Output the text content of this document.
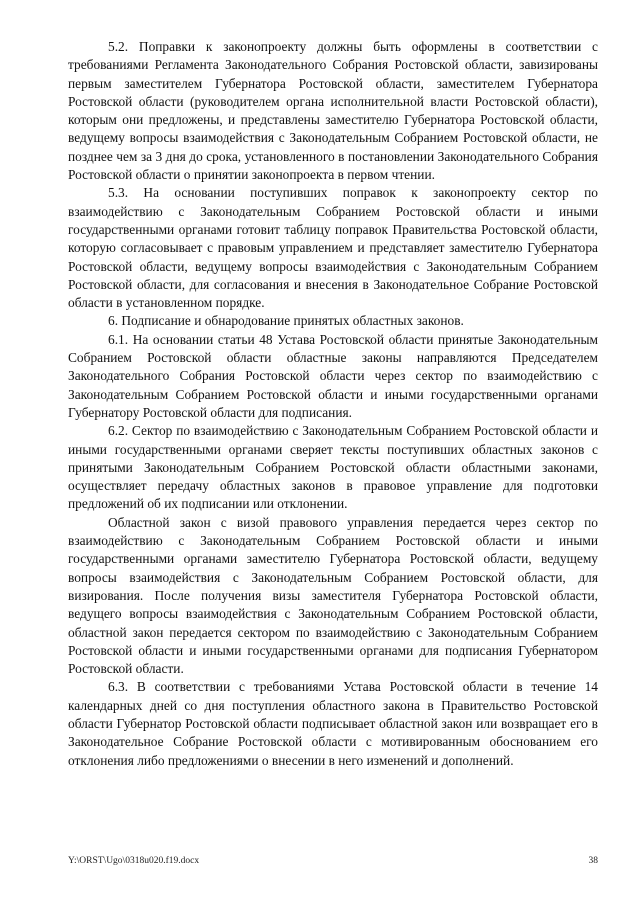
5.2. Поправки к законопроекту должны быть оформлены в соответствии с требованиями Регламента Законодательного Собрания Ростовской области, завизированы первым заместителем Губернатора Ростовской области, заместителем Губернатора Ростовской области (руководителем органа исполнительной власти Ростовской области), которым они предложены, и представлены заместителю Губернатора Ростовской области, ведущему вопросы взаимодействия с Законодательным Собранием Ростовской области, не позднее чем за 3 дня до срока, установленного в постановлении Законодательного Собрания Ростовской области о принятии законопроекта в первом чтении.

5.3. На основании поступивших поправок к законопроекту сектор по взаимодействию с Законодательным Собранием Ростовской области и иными государственными органами готовит таблицу поправок Правительства Ростовской области, которую согласовывает с правовым управлением и представляет заместителю Губернатора Ростовской области, ведущему вопросы взаимодействия с Законодательным Собранием Ростовской области, для согласования и внесения в Законодательное Собрание Ростовской области в установленном порядке.

6. Подписание и обнародование принятых областных законов.

6.1. На основании статьи 48 Устава Ростовской области принятые Законодательным Собранием Ростовской области областные законы направляются Председателем Законодательного Собрания Ростовской области через сектор по взаимодействию с Законодательным Собранием Ростовской области и иными государственными органами Губернатору Ростовской области для подписания.

6.2. Сектор по взаимодействию с Законодательным Собранием Ростовской области и иными государственными органами сверяет тексты поступивших областных законов с принятыми Законодательным Собранием Ростовской области областными законами, осуществляет передачу областных законов в правовое управление для подготовки предложений об их подписании или отклонении.

Областной закон с визой правового управления передается через сектор по взаимодействию с Законодательным Собранием Ростовской области и иными государственными органами заместителю Губернатора Ростовской области, ведущему вопросы взаимодействия с Законодательным Собранием Ростовской области, для визирования. После получения визы заместителя Губернатора Ростовской области, ведущего вопросы взаимодействия с Законодательным Собранием Ростовской области, областной закон передается сектором по взаимодействию с Законодательным Собранием Ростовской области и иными государственными органами для подписания Губернатором Ростовской области.

6.3. В соответствии с требованиями Устава Ростовской области в течение 14 календарных дней со дня поступления областного закона в Правительство Ростовской области Губернатор Ростовской области подписывает областной закон или возвращает его в Законодательное Собрание Ростовской области с мотивированным обоснованием его отклонения либо предложениями о внесении в него изменений и дополнений.

Y:\ORST\Ugo\0318u020.f19.docx	38
